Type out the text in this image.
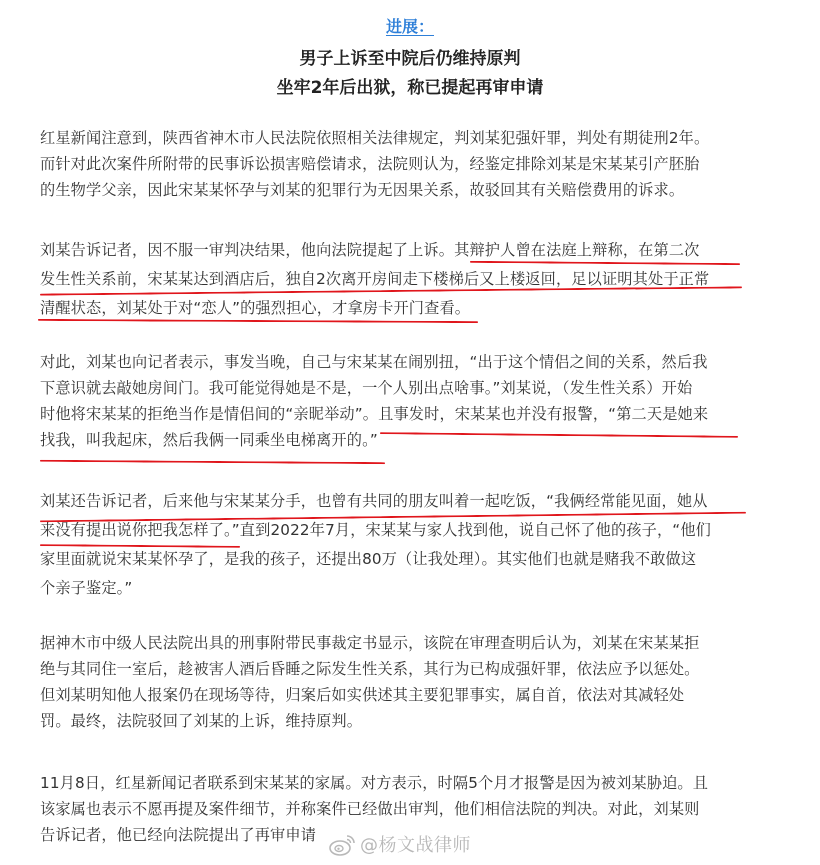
进展：
男子上诉至中院后仍维持原判
坐牢2年后出狱，称已提起再审申请

红星新闻注意到，陕西省神木市人民法院依照相关法律规定，判刘某犯强奸罪，判处有期徒刑2年。
而针对此次案件所附带的民事诉讼损害赔偿请求，法院则认为，经鉴定排除刘某是宋某某引产胚胎
的生物学父亲，因此宋某某怀孕与刘某的犯罪行为无因果关系，故驳回其有关赔偿费用的诉求。

刘某告诉记者，因不服一审判决结果，他向法院提起了上诉。其辩护人曾在法庭上辩称，在第二次
发生性关系前，宋某某达到酒店后，独自2次离开房间走下楼梯后又上楼返回，足以证明其处于正常
清醒状态，刘某处于对“恋人”的强烈担心，才拿房卡开门查看。

对此，刘某也向记者表示，事发当晚，自己与宋某某在闹别扭，“出于这个情侣之间的关系，然后我
下意识就去敲她房间门。我可能觉得她是不是，一个人别出点啥事。”刘某说，（发生性关系）开始
时他将宋某某的拒绝当作是情侣间的“亲昵举动”。且事发时，宋某某也并没有报警，“第二天是她来
找我，叫我起床，然后我俩一同乘坐电梯离开的。”

刘某还告诉记者，后来他与宋某某分手，也曾有共同的朋友叫着一起吃饭，“我俩经常能见面，她从
来没有提出说你把我怎样了。”直到2022年7月，宋某某与家人找到他，说自己怀了他的孩子，“他们
家里面就说宋某某怀孕了，是我的孩子，还提出80万（让我处理）。其实他们也就是赌我不敢做这
个亲子鉴定。”

据神木市中级人民法院出具的刑事附带民事裁定书显示，该院在审理查明后认为，刘某在宋某某拒
绝与其同住一室后，趁被害人酒后昏睡之际发生性关系，其行为已构成强奸罪，依法应予以惩处。
但刘某明知他人报案仍在现场等待，归案后如实供述其主要犯罪事实，属自首，依法对其减轻处
罚。最终，法院驳回了刘某的上诉，维持原判。

11月8日，红星新闻记者联系到宋某某的家属。对方表示，时隔5个月才报警是因为被刘某胁迫。且
该家属也表示不愿再提及案件细节，并称案件已经做出审判，他们相信法院的判决。对此，刘某则
告诉记者，他已经向法院提出了再审申请	@杨文战律师
